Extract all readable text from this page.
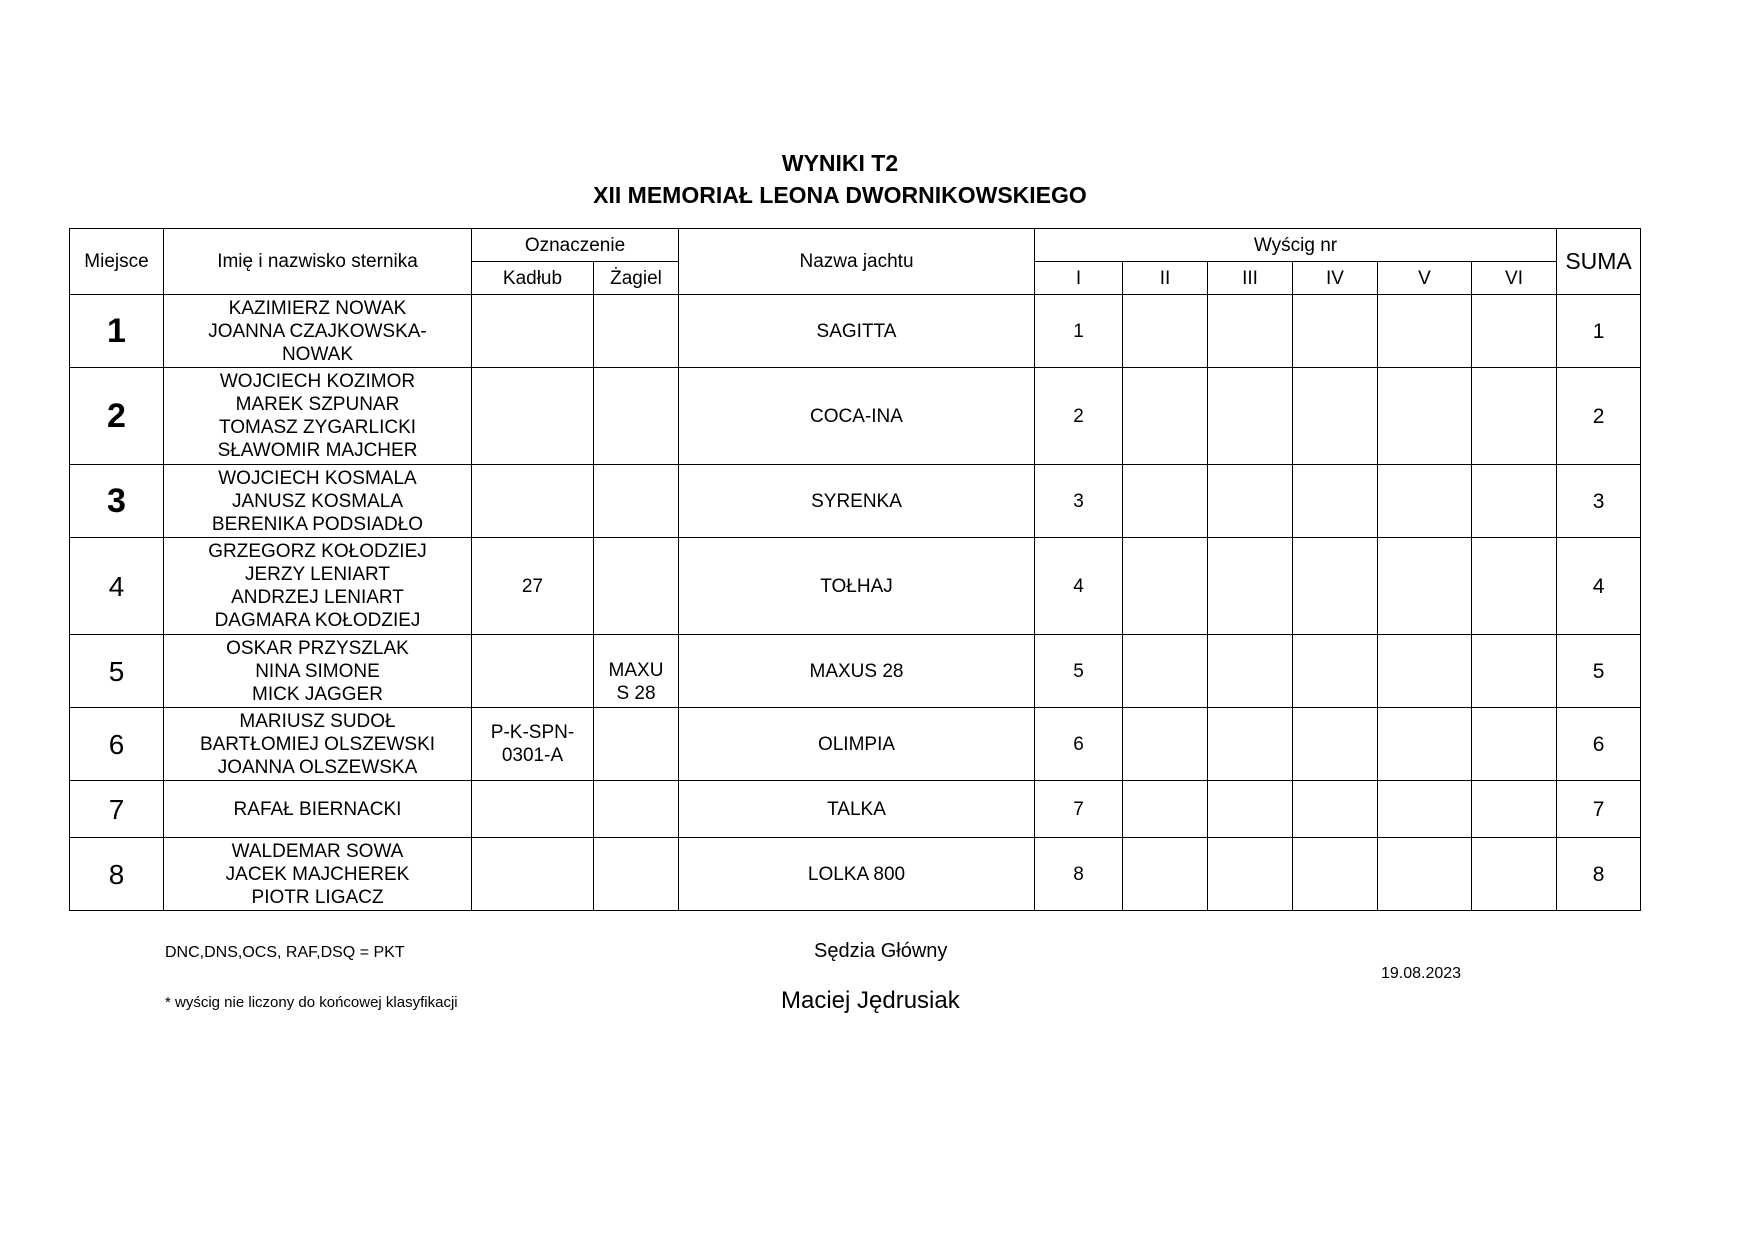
WYNIKI T2
XII MEMORIAŁ LEONA DWORNIKOWSKIEGO
Miejsce	Imię i nazwisko sternika	Oznaczenie		Nazwa jachtu	Wyścig nr						SUMA
		Kadłub	Żagiel		I	II	III	IV	V	VI	
1	KAZIMIERZ NOWAK
JOANNA CZAJKOWSKA-
NOWAK			SAGITTA	1						1
2	WOJCIECH KOZIMOR
MAREK SZPUNAR
TOMASZ ZYGARLICKI
SŁAWOMIR MAJCHER			COCA-INA	2						2
3	WOJCIECH KOSMALA
JANUSZ KOSMALA
BERENIKA PODSIADŁO			SYRENKA	3						3
4	GRZEGORZ KOŁODZIEJ
JERZY LENIART
ANDRZEJ LENIART
DAGMARA KOŁODZIEJ	27		TOŁHAJ	4						4
5	OSKAR PRZYSZLAK
NINA SIMONE
MICK JAGGER		MAXU
S 28	MAXUS 28	5						5
6	MARIUSZ SUDOŁ
BARTŁOMIEJ OLSZEWSKI
JOANNA OLSZEWSKA	P-K-SPN-
0301-A		OLIMPIA	6						6
7	RAFAŁ BIERNACKI			TALKA	7						7
8	WALDEMAR SOWA
JACEK MAJCHEREK
PIOTR LIGACZ			LOLKA 800	8						8
DNC,DNS,OCS, RAF,DSQ = PKT
* wyścig nie liczony do końcowej klasyfikacji
Sędzia Główny
Maciej Jędrusiak
19.08.2023
